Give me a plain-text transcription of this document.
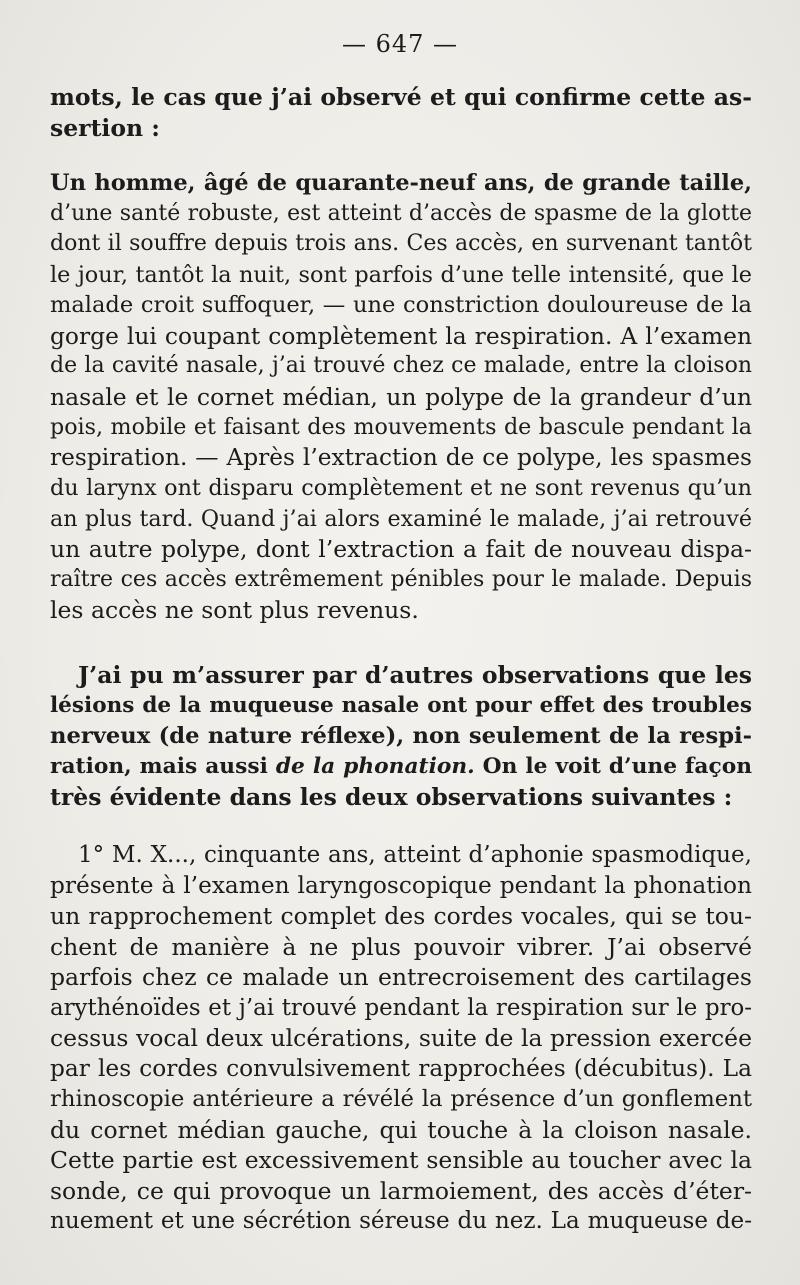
— 647 —
mots, le cas que j’ai observé et qui confirme cette as-
sertion :
Un homme, âgé de quarante-neuf ans, de grande taille,
d’une santé robuste, est atteint d’accès de spasme de la glotte
dont il souffre depuis trois ans. Ces accès, en survenant tantôt
le jour, tantôt la nuit, sont parfois d’une telle intensité, que le
malade croit suffoquer, — une constriction douloureuse de la
gorge lui coupant complètement la respiration. A l’examen
de la cavité nasale, j’ai trouvé chez ce malade, entre la cloison
nasale et le cornet médian, un polype de la grandeur d’un
pois, mobile et faisant des mouvements de bascule pendant la
respiration. — Après l’extraction de ce polype, les spasmes
du larynx ont disparu complètement et ne sont revenus qu’un
an plus tard. Quand j’ai alors examiné le malade, j’ai retrouvé
un autre polype, dont l’extraction a fait de nouveau dispa-
raître ces accès extrêmement pénibles pour le malade. Depuis
les accès ne sont plus revenus.
J’ai pu m’assurer par d’autres observations que les
lésions de la muqueuse nasale ont pour effet des troubles
nerveux (de nature réflexe), non seulement de la respi-
ration, mais aussi de la phonation. On le voit d’une façon
très évidente dans les deux observations suivantes :
1° M. X..., cinquante ans, atteint d’aphonie spasmodique,
présente à l’examen laryngoscopique pendant la phonation
un rapprochement complet des cordes vocales, qui se tou-
chent de manière à ne plus pouvoir vibrer. J’ai observé
parfois chez ce malade un entrecroisement des cartilages
arythénoïdes et j’ai trouvé pendant la respiration sur le pro-
cessus vocal deux ulcérations, suite de la pression exercée
par les cordes convulsivement rapprochées (décubitus). La
rhinoscopie antérieure a révélé la présence d’un gonflement
du cornet médian gauche, qui touche à la cloison nasale.
Cette partie est excessivement sensible au toucher avec la
sonde, ce qui provoque un larmoiement, des accès d’éter-
nuement et une sécrétion séreuse du nez. La muqueuse de-
